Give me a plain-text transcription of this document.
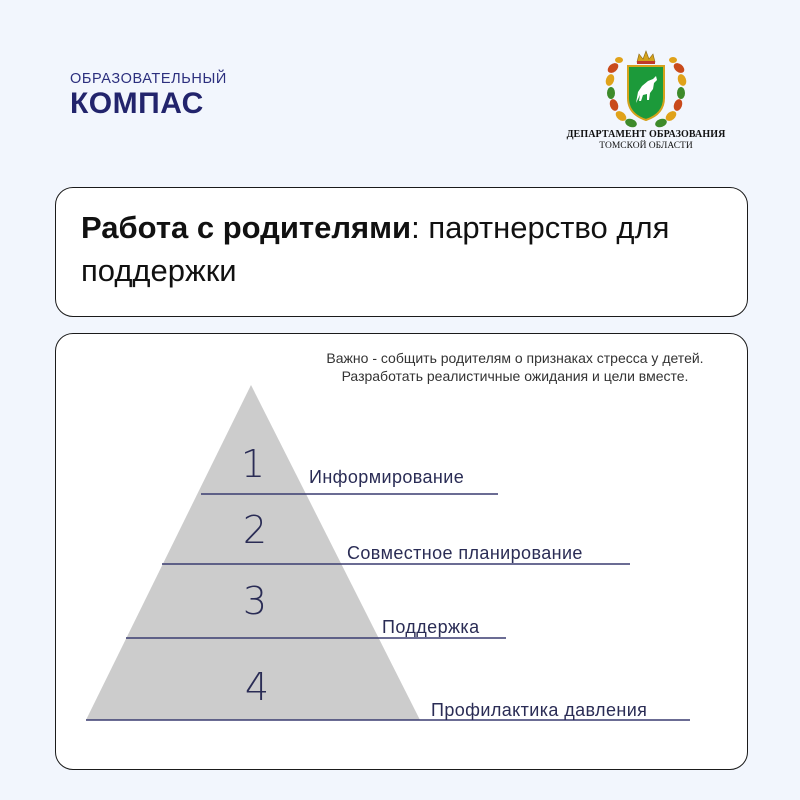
ОБРАЗОВАТЕЛЬНЫЙ
КОМПАС
ДЕПАРТАМЕНТ ОБРАЗОВАНИЯ
ТОМСКОЙ ОБЛАСТИ
Работа с родителями: партнерство для поддержки
Важно - собщить родителям о признаках стресса у детей. Разработать реалистичные ожидания и цели вместе.
1
2
3
4
Информирование
Совместное планирование
Поддержка
Профилактика давления
